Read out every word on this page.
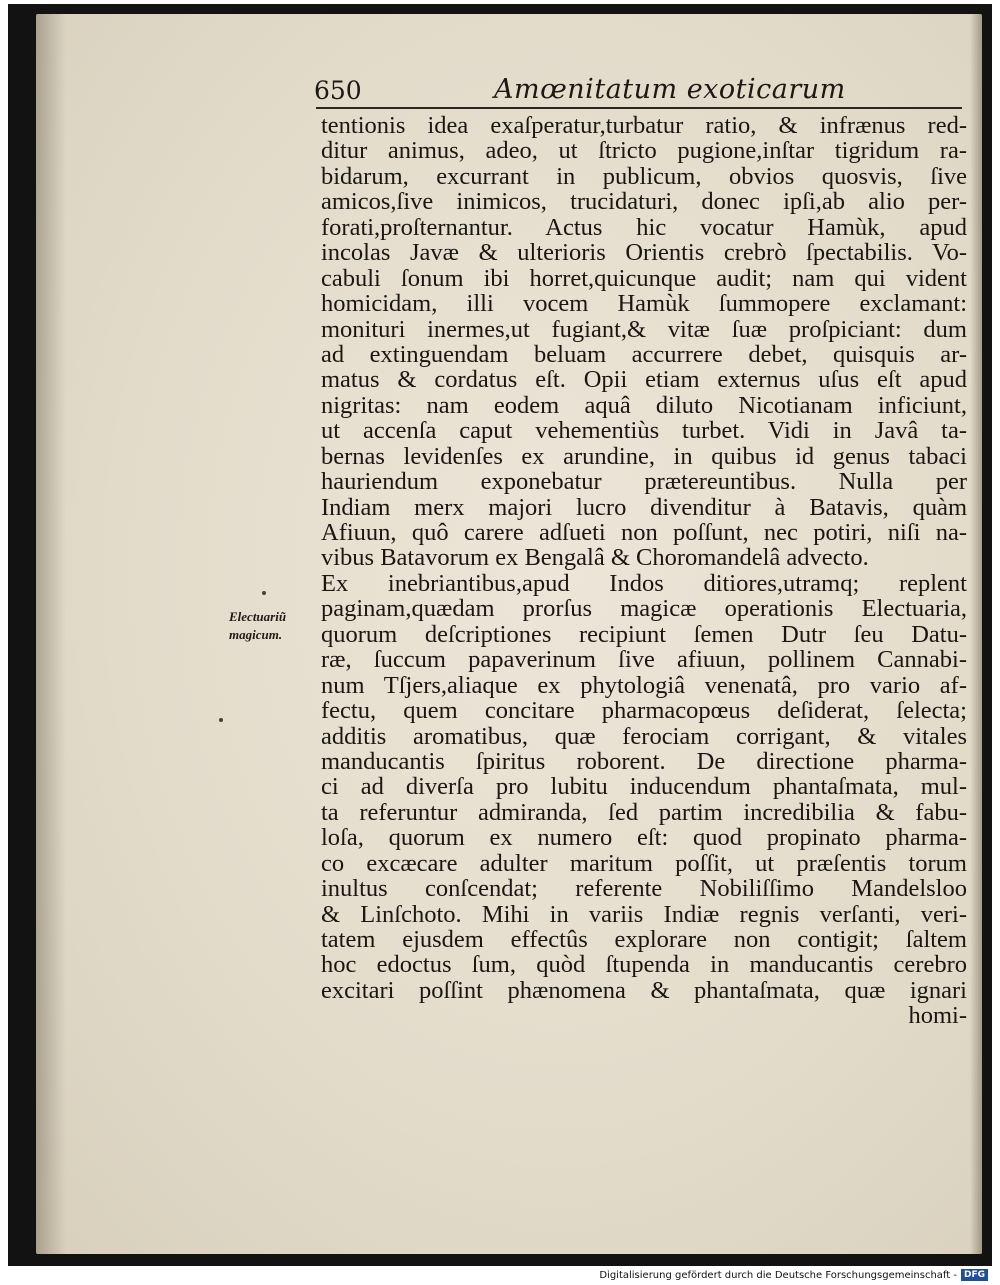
650	Amœnitatum exoticarum
Electuariũ
magicum.
tentionis idea exaſperatur,turbatur ratio, & infrænus red-
ditur animus, adeo, ut ſtricto pugione,inſtar tigridum ra-
bidarum, excurrant in publicum, obvios quosvis, ſive
amicos,ſive inimicos, trucidaturi, donec ipſi,ab alio per-
forati,proſternantur. Actus hic vocatur Hamùk, apud
incolas Javæ & ulterioris Orientis crebrò ſpectabilis. Vo-
cabuli ſonum ibi horret,quicunque audit; nam qui vident
homicidam, illi vocem Hamùk ſummopere exclamant:
monituri inermes,ut fugiant,& vitæ ſuæ proſpiciant: dum
ad extinguendam beluam accurrere debet, quisquis ar-
matus & cordatus eſt. Opii etiam externus uſus eſt apud
nigritas: nam eodem aquâ diluto Nicotianam inficiunt,
ut accenſa caput vehementiùs turbet. Vidi in Javâ ta-
bernas levidenſes ex arundine, in quibus id genus tabaci
hauriendum exponebatur prætereuntibus. Nulla per
Indiam merx majori lucro divenditur à Batavis, quàm
Afiuun, quô carere adſueti non poſſunt, nec potiri, niſi na-
vibus Batavorum ex Bengalâ & Choromandelâ advecto.
Ex inebriantibus,apud Indos ditiores,utramq; replent
paginam,quædam prorſus magicæ operationis Electuaria,
quorum deſcriptiones recipiunt ſemen Dutr ſeu Datu-
ræ, ſuccum papaverinum ſive afiuun, pollinem Cannabi-
num Tſjers,aliaque ex phytologiâ venenatâ, pro vario af-
fectu, quem concitare pharmacopœus deſiderat, ſelecta;
additis aromatibus, quæ ferociam corrigant, & vitales
manducantis ſpiritus roborent. De directione pharma-
ci ad diverſa pro lubitu inducendum phantaſmata, mul-
ta referuntur admiranda, ſed partim incredibilia & fabu-
loſa, quorum ex numero eſt: quod propinato pharma-
co excæcare adulter maritum poſſit, ut præſentis torum
inultus conſcendat; referente Nobiliſſimo Mandelsloo
& Linſchoto. Mihi in variis Indiæ regnis verſanti, veri-
tatem ejusdem effectûs explorare non contigit; ſaltem
hoc edoctus ſum, quòd ſtupenda in manducantis cerebro
excitari poſſint phænomena & phantaſmata, quæ ignari
homi-
Digitalisierung gefördert durch die Deutsche Forschungsgemeinschaft - DFG
